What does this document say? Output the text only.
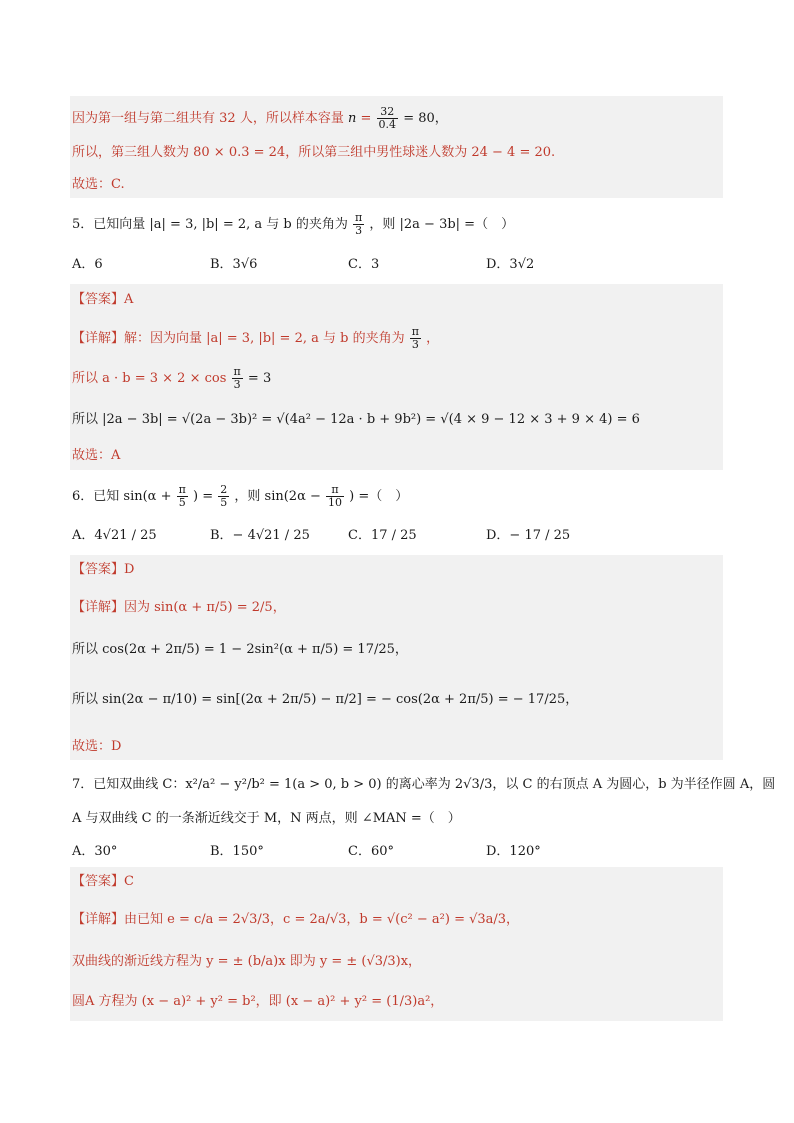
因为第一组与第二组共有 32 人，所以样本容量 $n = \frac{32}{0.4} = 80$，
所以，第三组人数为 80 × 0.3 = 24，所以第三组中男性球迷人数为 24 − 4 = 20.
故选：C.
5．已知向量 |a| = 3, |b| = 2, a 与 b 的夹角为 $\frac{\pi}{3}$ ，则 |2a − 3b| =（　）
A．6	B．3√6	C．3	D．3√2
【答案】A
【详解】解：因为向量 |a| = 3, |b| = 2, a 与 b 的夹角为 $\frac{\pi}{3}$ ，
所以 $a \cdot b = 3 \times 2 \times \cos \frac{\pi}{3} = 3$
所以 |2a − 3b| = √(2a − 3b)² = √(4a² − 12a · b + 9b²) = √(4 × 9 − 12 × 3 + 9 × 4) = 6
故选：A
6．已知 $\sin(\alpha + \frac{\pi}{5}$ ) = $\frac{2}{5}$ ，则 $\sin(2\alpha - \frac{\pi}{10}$ ) =（　）
A．4√21 / 25	B．− 4√21 / 25	C．17 / 25	D．− 17 / 25
【答案】D
【详解】因为 sin(α + π/5) = 2/5，
所以 cos(2α + 2π/5) = 1 − 2sin²(α + π/5) = 17/25，
所以 sin(2α − π/10) = sin[(2α + 2π/5) − π/2] = − cos(2α + 2π/5) = − 17/25，
故选：D
7．已知双曲线 C：x²/a² − y²/b² = 1(a > 0, b > 0) 的离心率为 2√3/3，以 C 的右顶点 A 为圆心，b 为半径作圆 A，圆
A 与双曲线 C 的一条渐近线交于 M，N 两点，则 ∠MAN =（　）
A．30°	B．150°	C．60°	D．120°
【答案】C
【详解】由已知 e = c/a = 2√3/3，c = 2a/√3，b = √(c² − a²) = √3a/3，
双曲线的渐近线方程为 y = ± (b/a)x 即为 y = ± (√3/3)x，
圆A 方程为 (x − a)² + y² = b²，即 (x − a)² + y² = (1/3)a²，
